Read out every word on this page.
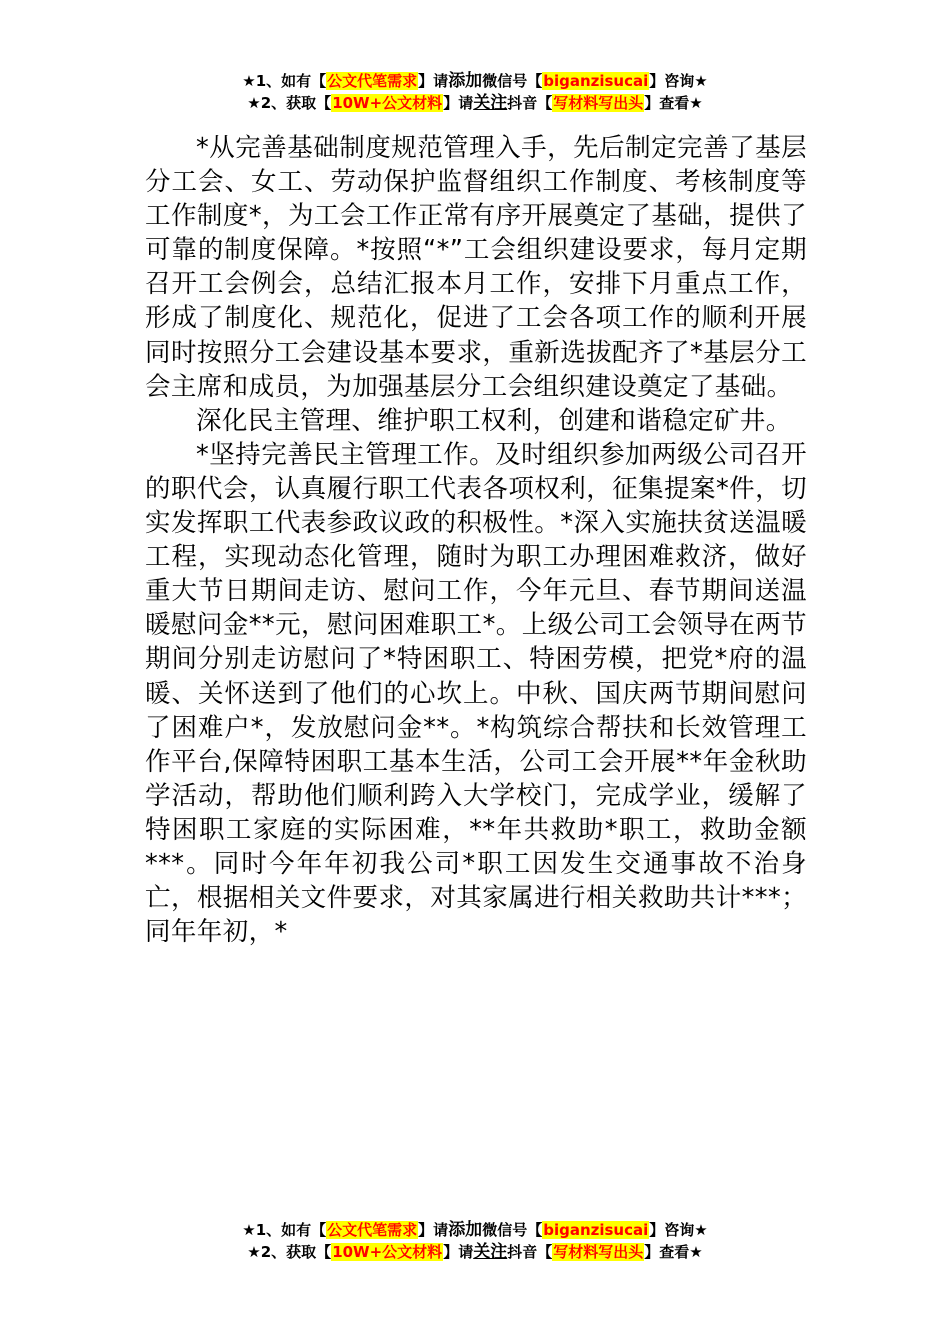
★1、如有【公文代笔需求】请添加微信号【biganzisucai】咨询★
★2、获取【10W+公文材料】请关注抖音【写材料写出头】查看★

*从完善基础制度规范管理入手，先后制定完善了基层分工会、女工、劳动保护监督组织工作制度、考核制度等工作制度*，为工会工作正常有序开展奠定了基础，提供了可靠的制度保障。*按照“*”工会组织建设要求，每月定期召开工会例会，总结汇报本月工作，安排下月重点工作，形成了制度化、规范化，促进了工会各项工作的顺利开展同时按照分工会建设基本要求，重新选拔配齐了*基层分工会主席和成员，为加强基层分工会组织建设奠定了基础。

深化民主管理、维护职工权利，创建和谐稳定矿井。

*坚持完善民主管理工作。及时组织参加两级公司召开的职代会，认真履行职工代表各项权利，征集提案*件，切实发挥职工代表参政议政的积极性。*深入实施扶贫送温暖工程，实现动态化管理，随时为职工办理困难救济，做好重大节日期间走访、慰问工作，今年元旦、春节期间送温暖慰问金**元，慰问困难职工*。上级公司工会领导在两节期间分别走访慰问了*特困职工、特困劳模，把党*府的温暖、关怀送到了他们的心坎上。中秋、国庆两节期间慰问了困难户*，发放慰问金**。*构筑综合帮扶和长效管理工作平台,保障特困职工基本生活，公司工会开展**年金秋助学活动，帮助他们顺利跨入大学校门，完成学业，缓解了特困职工家庭的实际困难，**年共救助*职工，救助金额***。同时今年年初我公司*职工因发生交通事故不治身亡，根据相关文件要求，对其家属进行相关救助共计***；同年年初，*

★1、如有【公文代笔需求】请添加微信号【biganzisucai】咨询★
★2、获取【10W+公文材料】请关注抖音【写材料写出头】查看★
